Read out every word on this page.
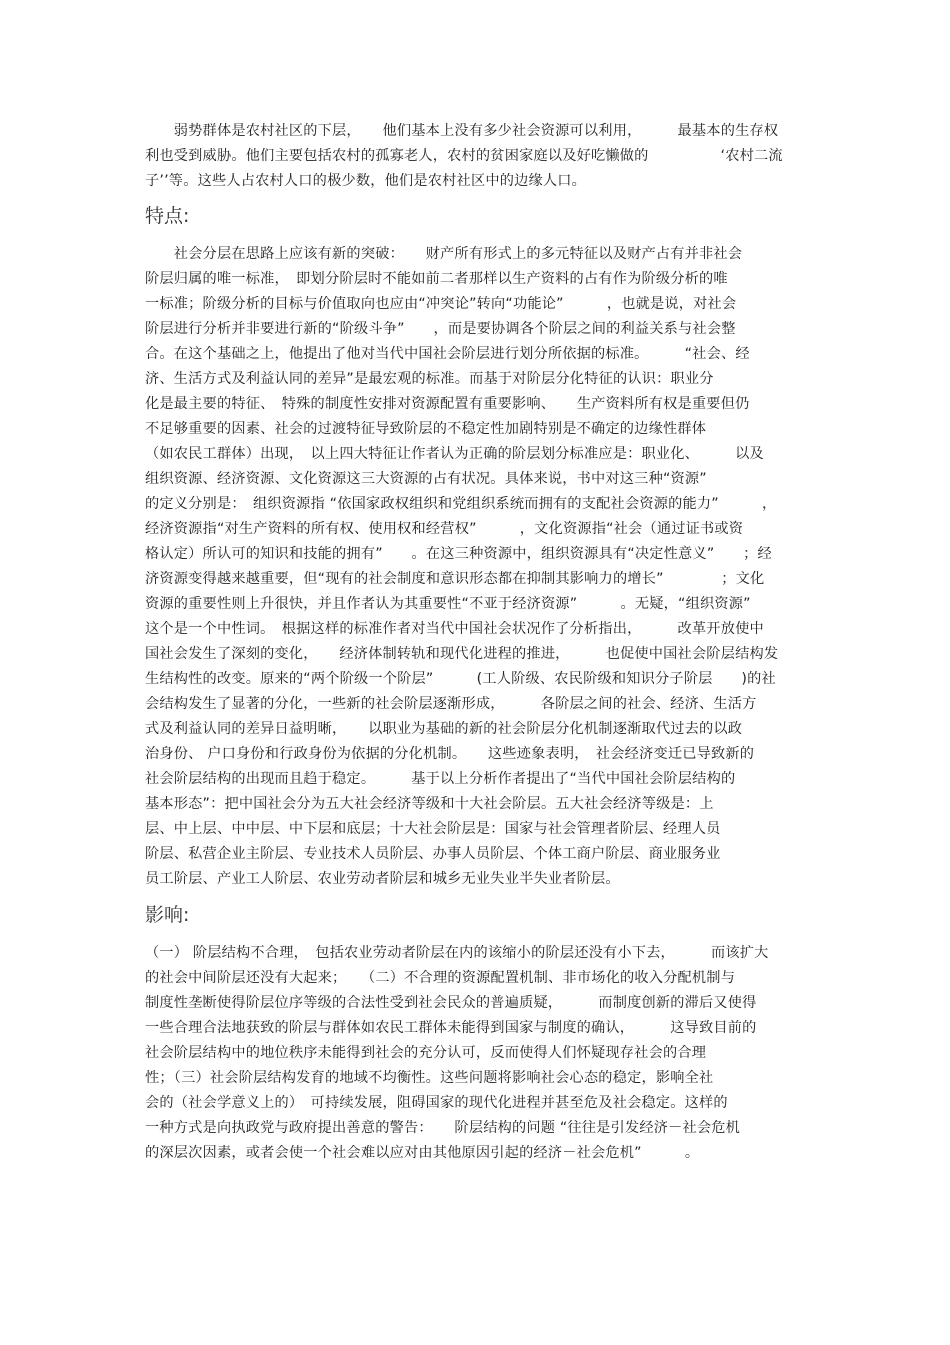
　　弱势群体是农村社区的下层，　　他们基本上没有多少社会资源可以利用，　　　最基本的生存权
利也受到威胁。他们主要包括农村的孤寡老人，农村的贫困家庭以及好吃懒做的　　　　　‘农村二流
子’’等。这些人占农村人口的极少数，他们是农村社区中的边缘人口。
特点:
　　社会分层在思路上应该有新的突破：　　财产所有形式上的多元特征以及财产占有并非社会
阶层归属的唯一标准，　即划分阶层时不能如前二者那样以生产资料的占有作为阶级分析的唯
一标准；阶级分析的目标与价值取向也应由“冲突论”转向“功能论”　　　，也就是说，对社会
阶层进行分析并非要进行新的“阶级斗争”　　，而是要协调各个阶层之间的利益关系与社会整
合。在这个基础之上，他提出了他对当代中国社会阶层进行划分所依据的标准。　　　“社会、经
济、生活方式及利益认同的差异”是最宏观的标准。而基于对阶层分化特征的认识：职业分
化是最主要的特征、　特殊的制度性安排对资源配置有重要影响、　　生产资料所有权是重要但仍
不足够重要的因素、社会的过渡特征导致阶层的不稳定性加剧特别是不确定的边缘性群体
（如农民工群体）出现，　以上四大特征让作者认为正确的阶层划分标准应是：职业化、　　　以及
组织资源、经济资源、文化资源这三大资源的占有状况。具体来说，书中对这三种“资源”
的定义分别是：　组织资源指 “依国家政权组织和党组织系统而拥有的支配社会资源的能力”　　　，
经济资源指“对生产资料的所有权、使用权和经营权”　　　，文化资源指“社会（通过证书或资
格认定）所认可的知识和技能的拥有”　　。在这三种资源中，组织资源具有“决定性意义”　　；经
济资源变得越来越重要，但“现有的社会制度和意识形态都在抑制其影响力的增长”　　　　；文化
资源的重要性则上升很快，并且作者认为其重要性“不亚于经济资源”　　　。无疑，“组织资源”
这个是一个中性词。　根据这样的标准作者对当代中国社会状况作了分析指出，　　　改革开放使中
国社会发生了深刻的变化，　　经济体制转轨和现代化进程的推进，　　　也促使中国社会阶层结构发
生结构性的改变。原来的“两个阶级一个阶层”　　　(工人阶级、农民阶级和知识分子阶层　　)的社
会结构发生了显著的分化，一些新的社会阶层逐渐形成，　　　各阶层之间的社会、经济、生活方
式及利益认同的差异日益明晰，　　以职业为基础的新的社会阶层分化机制逐渐取代过去的以政
治身份、 户口身份和行政身份为依据的分化机制。　　这些迹象表明，　社会经济变迁已导致新的
社会阶层结构的出现而且趋于稳定。　　　基于以上分析作者提出了“当代中国社会阶层结构的
基本形态”：把中国社会分为五大社会经济等级和十大社会阶层。五大社会经济等级是：上
层、中上层、中中层、中下层和底层；十大社会阶层是：国家与社会管理者阶层、经理人员
阶层、私营企业主阶层、专业技术人员阶层、办事人员阶层、个体工商户阶层、商业服务业
员工阶层、产业工人阶层、农业劳动者阶层和城乡无业失业半失业者阶层。
影响:
（一） 阶层结构不合理，　包括农业劳动者阶层在内的该缩小的阶层还没有小下去，　　　而该扩大
的社会中间阶层还没有大起来；　　（二）不合理的资源配置机制、非市场化的收入分配机制与
制度性垄断使得阶层位序等级的合法性受到社会民众的普遍质疑，　　　而制度创新的滞后又使得
一些合理合法地获致的阶层与群体如农民工群体未能得到国家与制度的确认，　　　这导致目前的
社会阶层结构中的地位秩序未能得到社会的充分认可，反而使得人们怀疑现存社会的合理
性；（三）社会阶层结构发育的地域不均衡性。这些问题将影响社会心态的稳定，影响全社
会的（社会学意义上的）　可持续发展，阻碍国家的现代化进程并甚至危及社会稳定。这样的
一种方式是向执政党与政府提出善意的警告：　　阶层结构的问题 “往往是引发经济－社会危机
的深层次因素，或者会使一个社会难以应对由其他原因引起的经济－社会危机”　　　。
